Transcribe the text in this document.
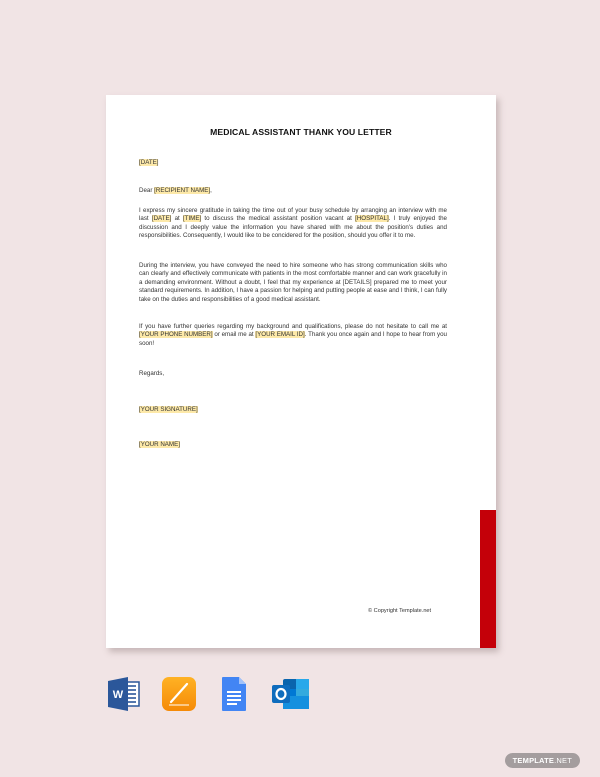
MEDICAL ASSISTANT THANK YOU LETTER
[DATE]
Dear [RECIPIENT NAME],
I express my sincere gratitude in taking the time out of your busy schedule by arranging an interview with me last [DATE] at [TIME] to discuss the medical assistant position vacant at [HOSPITAL]. I truly enjoyed the discussion and I deeply value the information you have shared with me about the position's duties and responsibilities. Consequently, I would like to be concidered for the position, should you offer it to me.
During the interview, you have conveyed the need to hire someone who has strong communication skills who can clearly and effectively communicate with patients in the most comfortable manner and can work gracefully in a demanding environment. Without a doubt, I feel that my experience at [DETAILS] prepared me to meet your standard requirements. In addition, I have a passion for helping and putting people at ease and I think, I can fully take on the duties and responsibilities of a good medical assistant.
If you have further queries regarding my background and qualifications, please do not hesitate to call me at [YOUR PHONE NUMBER] or email me at [YOUR EMAIL ID]. Thank you once again and I hope to hear from you soon!
Regards,
[YOUR SIGNATURE]
[YOUR NAME]
© Copyright Template.net
W
TEMPLATE.NET
